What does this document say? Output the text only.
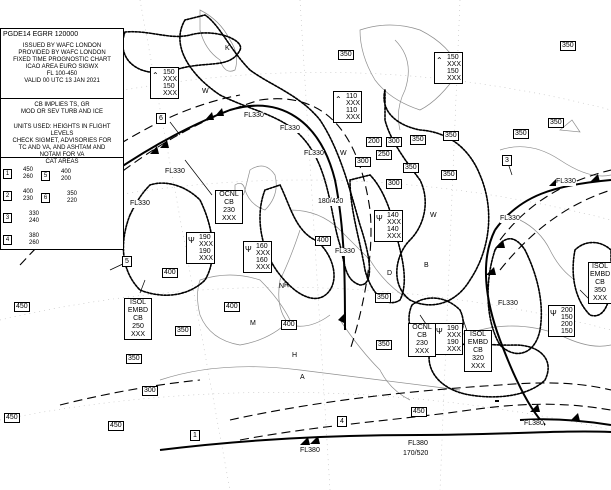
ISSUED BY WAFC LONDON
PROVIDED BY WAFC LONDON
FIXED TIME PROGNOSTIC CHART
ICAO AREA EURO SIGWX
FL 100-450
VALID 00 UTC 13 JAN 2021
CB IMPLIES TS, GR
MOD OR SEV TURB AND ICE
UNITS USED: HEIGHTS IN FLIGHT LEVELS
CHECK SIGMET, ADVISORIES FOR
TC AND VA, AND ASHTAM AND
NOTAM FOR VA
CAT AREAS
1
450
260
2
400
230
3
330
240
4
380
260
5
400
200
6
350
220
PGDE14 EGRR 120000
350
350
350
350
300
350
350
200
300
250
300
350
350
400
400
350
350
400
400
350
350
300
450
450
450
450
⌃ 150
XXX
150
XXX
⌃ 150
XXX
150
XXX
⌃ 110
XXX
110
XXX
Ψ 140
XXX
140
XXX
Ψ 190
XXX
190
XXX
Ψ 160
XXX
160
XXX
Ψ 190
XXX
190
XXX
Ψ 200
150
200
150
OCNL
CB
230
XXX
ISOL EMBD
CB
250
XXX
OCNL
CB
230
XXX
ISOL EMBD
CB
320
XXX
ISOL EMBD
CB
350
XXX
FL330
FL330
FL330
FL330
FL330
FL330
FL330
FL330
FL380
FL380
FL380
FL330
180/420
170/520
6
5
3
1
4
K
W
W
W
B
R
D
N
M
H
A
